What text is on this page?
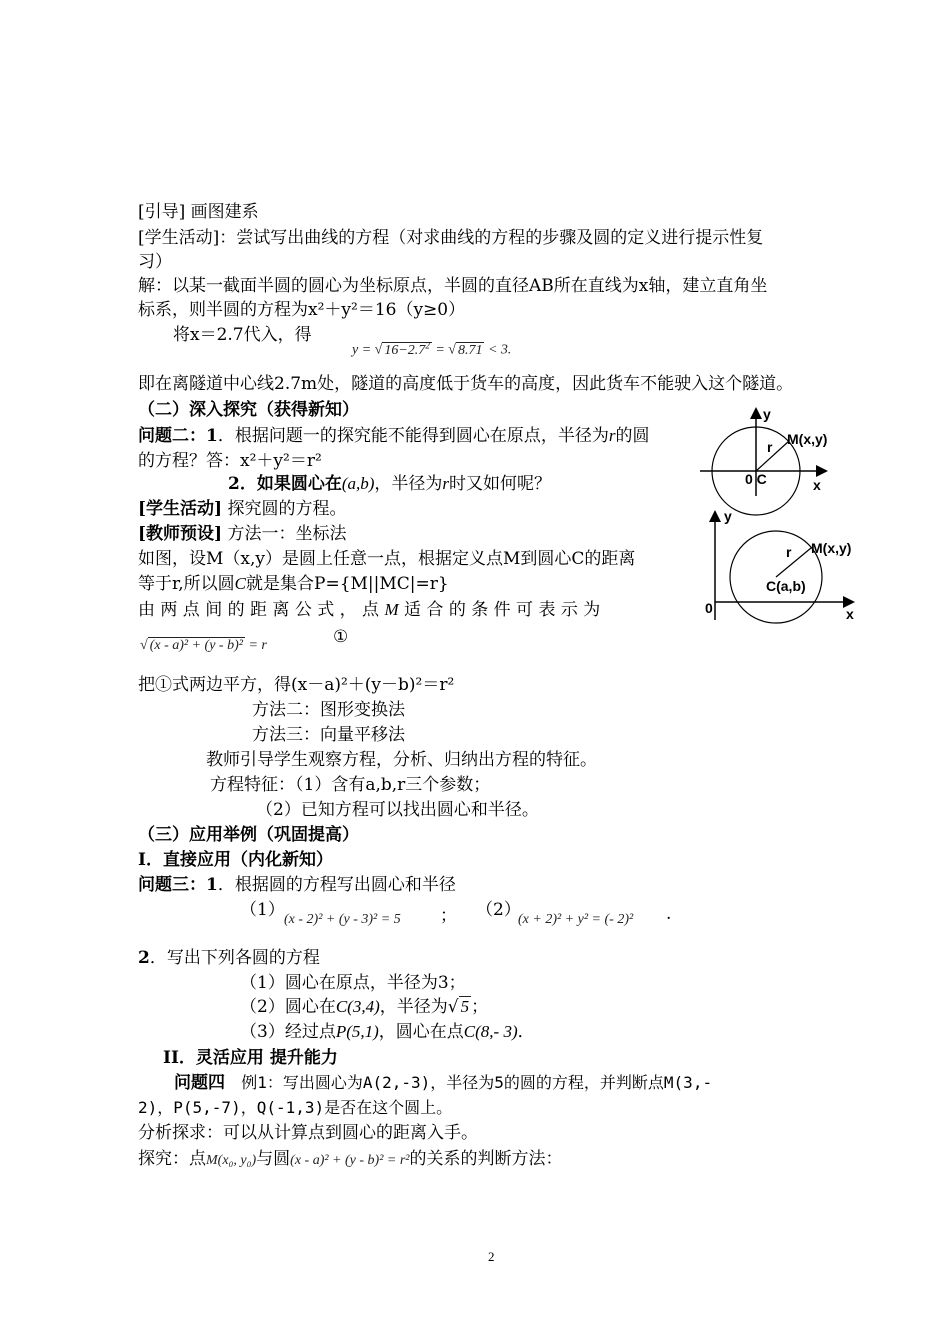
[引导] 画图建系
[学生活动]：尝试写出曲线的方程（对求曲线的方程的步骤及圆的定义进行提示性复
习）
解：以某一截面半圆的圆心为坐标原点，半圆的直径AB所在直线为x轴，建立直角坐
标系，则半圆的方程为x²＋y²＝16（y≥0）
将x＝2.7代入，得
y = √ $16-2.7^2$ = √ 8.71 < 3.
即在离隧道中心线2.7m处，隧道的高度低于货车的高度，因此货车不能驶入这个隧道。
（二）深入探究（获得新知）
问题二：1．根据问题一的探究能不能得到圆心在原点，半径为r的圆
的方程？答：x²＋y²＝r²
2．如果圆心在(a,b)，半径为r时又如何呢？
[学生活动] 探究圆的方程。
[教师预设] 方法一：坐标法
如图，设M（x,y）是圆上任意一点，根据定义点M到圆心C的距离
等于r,所以圆C就是集合P={M||MC|=r}
由 两 点 间 的 距 离 公 式 ， 点 M 适 合 的 条 件 可 表 示 为
√ (x - a)² + (y - b)² = r	①
把①式两边平方，得(x－a)²＋(y－b)²＝r²
方法二：图形变换法
方法三：向量平移法
教师引导学生观察方程，分析、归纳出方程的特征。
方程特征：（1）含有a,b,r三个参数；
（2）已知方程可以找出圆心和半径。
（三）应用举例（巩固提高）
I．直接应用（内化新知）
问题三：1．根据圆的方程写出圆心和半径
（1） (x - 2)² + (y - 3)² = 5 ； （2）
(x + 2)² + y² = (- 2)² .
2．写出下列各圆的方程
（1）圆心在原点，半径为3；
（2）圆心在C(3,4)，半径为√ 5 ；
（3）经过点P(5,1)，圆心在点C(8,- 3)．
II．灵活应用 提升能力
问题四 例1：写出圆心为A(2,-3)，半径为5的圆的方程，并判断点M(3,-
2)，P(5,-7)，Q(-1,3)是否在这个圆上。
分析探求：可以从计算点到圆心的距离入手。
探究：点M(x₀, y₀)与圆(x - a)² + (y - b)² = r²的关系的判断方法：
y
x
r M(x,y)
0 C
y
x
r M(x,y)
C(a,b)
0
2
